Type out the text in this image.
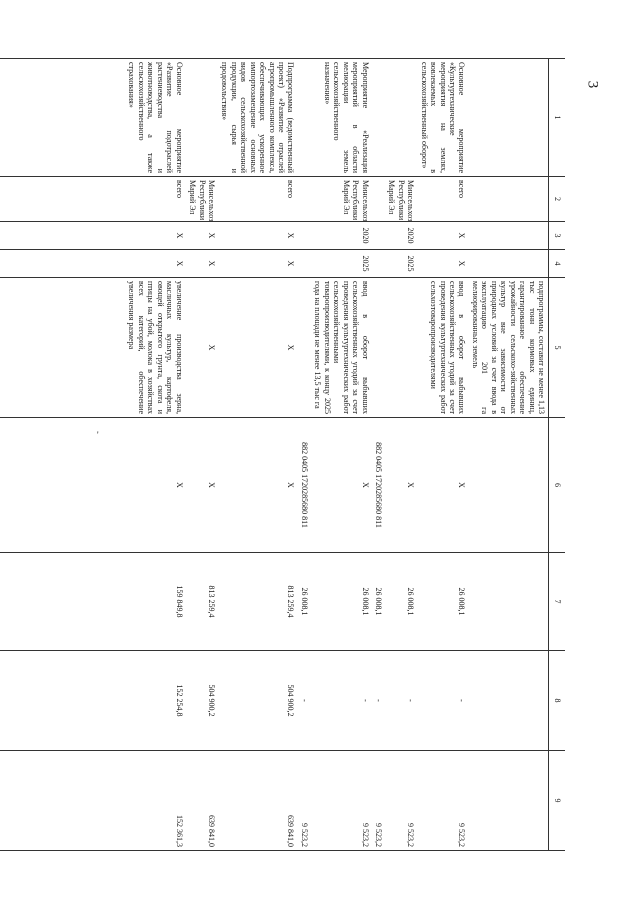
3
'
1	2	3	4	5	6	7	8	9
				подпрограммы, составит не менее 1,13 тыс тонн кормовых единиц, гарантированное обеспечение урожайности сельскохо-зяйственных культур вне зависимости от природных условий за счет ввода в эксплуатацию 201 га мелиорированных земель				
Основное мероприятие «Культуртехнические мероприятия на землях, вовлекаемых в сельскохозяйственный оборот»	всего	X	X	ввод в оборот выбывших сельскохозяйственных угодий за счет проведения культуртехнических работ сельхозтоваропроизводителями	X	26 008,1	-	9 523,2
	Минсельхоз Республики Марий Эл	2020	2025		X	26 008,1	-	9 523,2
					882 0405 1720285680 811	26 008,1	-	9 523,2
Мероприятие «Реализация мероприятий в области мелиорации земель сельскохозяйственного назначения»	Минсельхоз Республики Марий Эл	2020	2025	ввод в оборот выбывших сельскохозяйственных угодий за счет проведения культуртехнических работ сельскохозяйственными товаропроизводителями, к концу 2025 года на площади не менее 13,5 тыс га	X	26 008,1	-	9 523,2
					882 0405 1720285680 811	26 008,1	-	9 523,2
Подпрограмма (ведомственный проект) «Развитие отраслей агропромышленного комплекса, обеспечивающих ускоренное импортозамещение основных видов сельскохозяйственной продукции, сырья и продовольствия»	всего	X	X	X	X	813 259,4	504 900,2	639 841,0
	Минсельхоз Республики Марий Эл	X	X	X	X	813 259,4	504 900,2	639 841,0
Основное мероприятие «Развитие подотраслей растениеводства и животноводства, а также сельскохозяйственного страхования»	всего	X	X	увеличение производства зерна, масличных культур, картофеля, овощей открытого грунта, скота и птицы на убой, молока в хозяйствах всех категорий, обеспечение увеличения размера	X	159 849,8	152 254,8	152 361,3
